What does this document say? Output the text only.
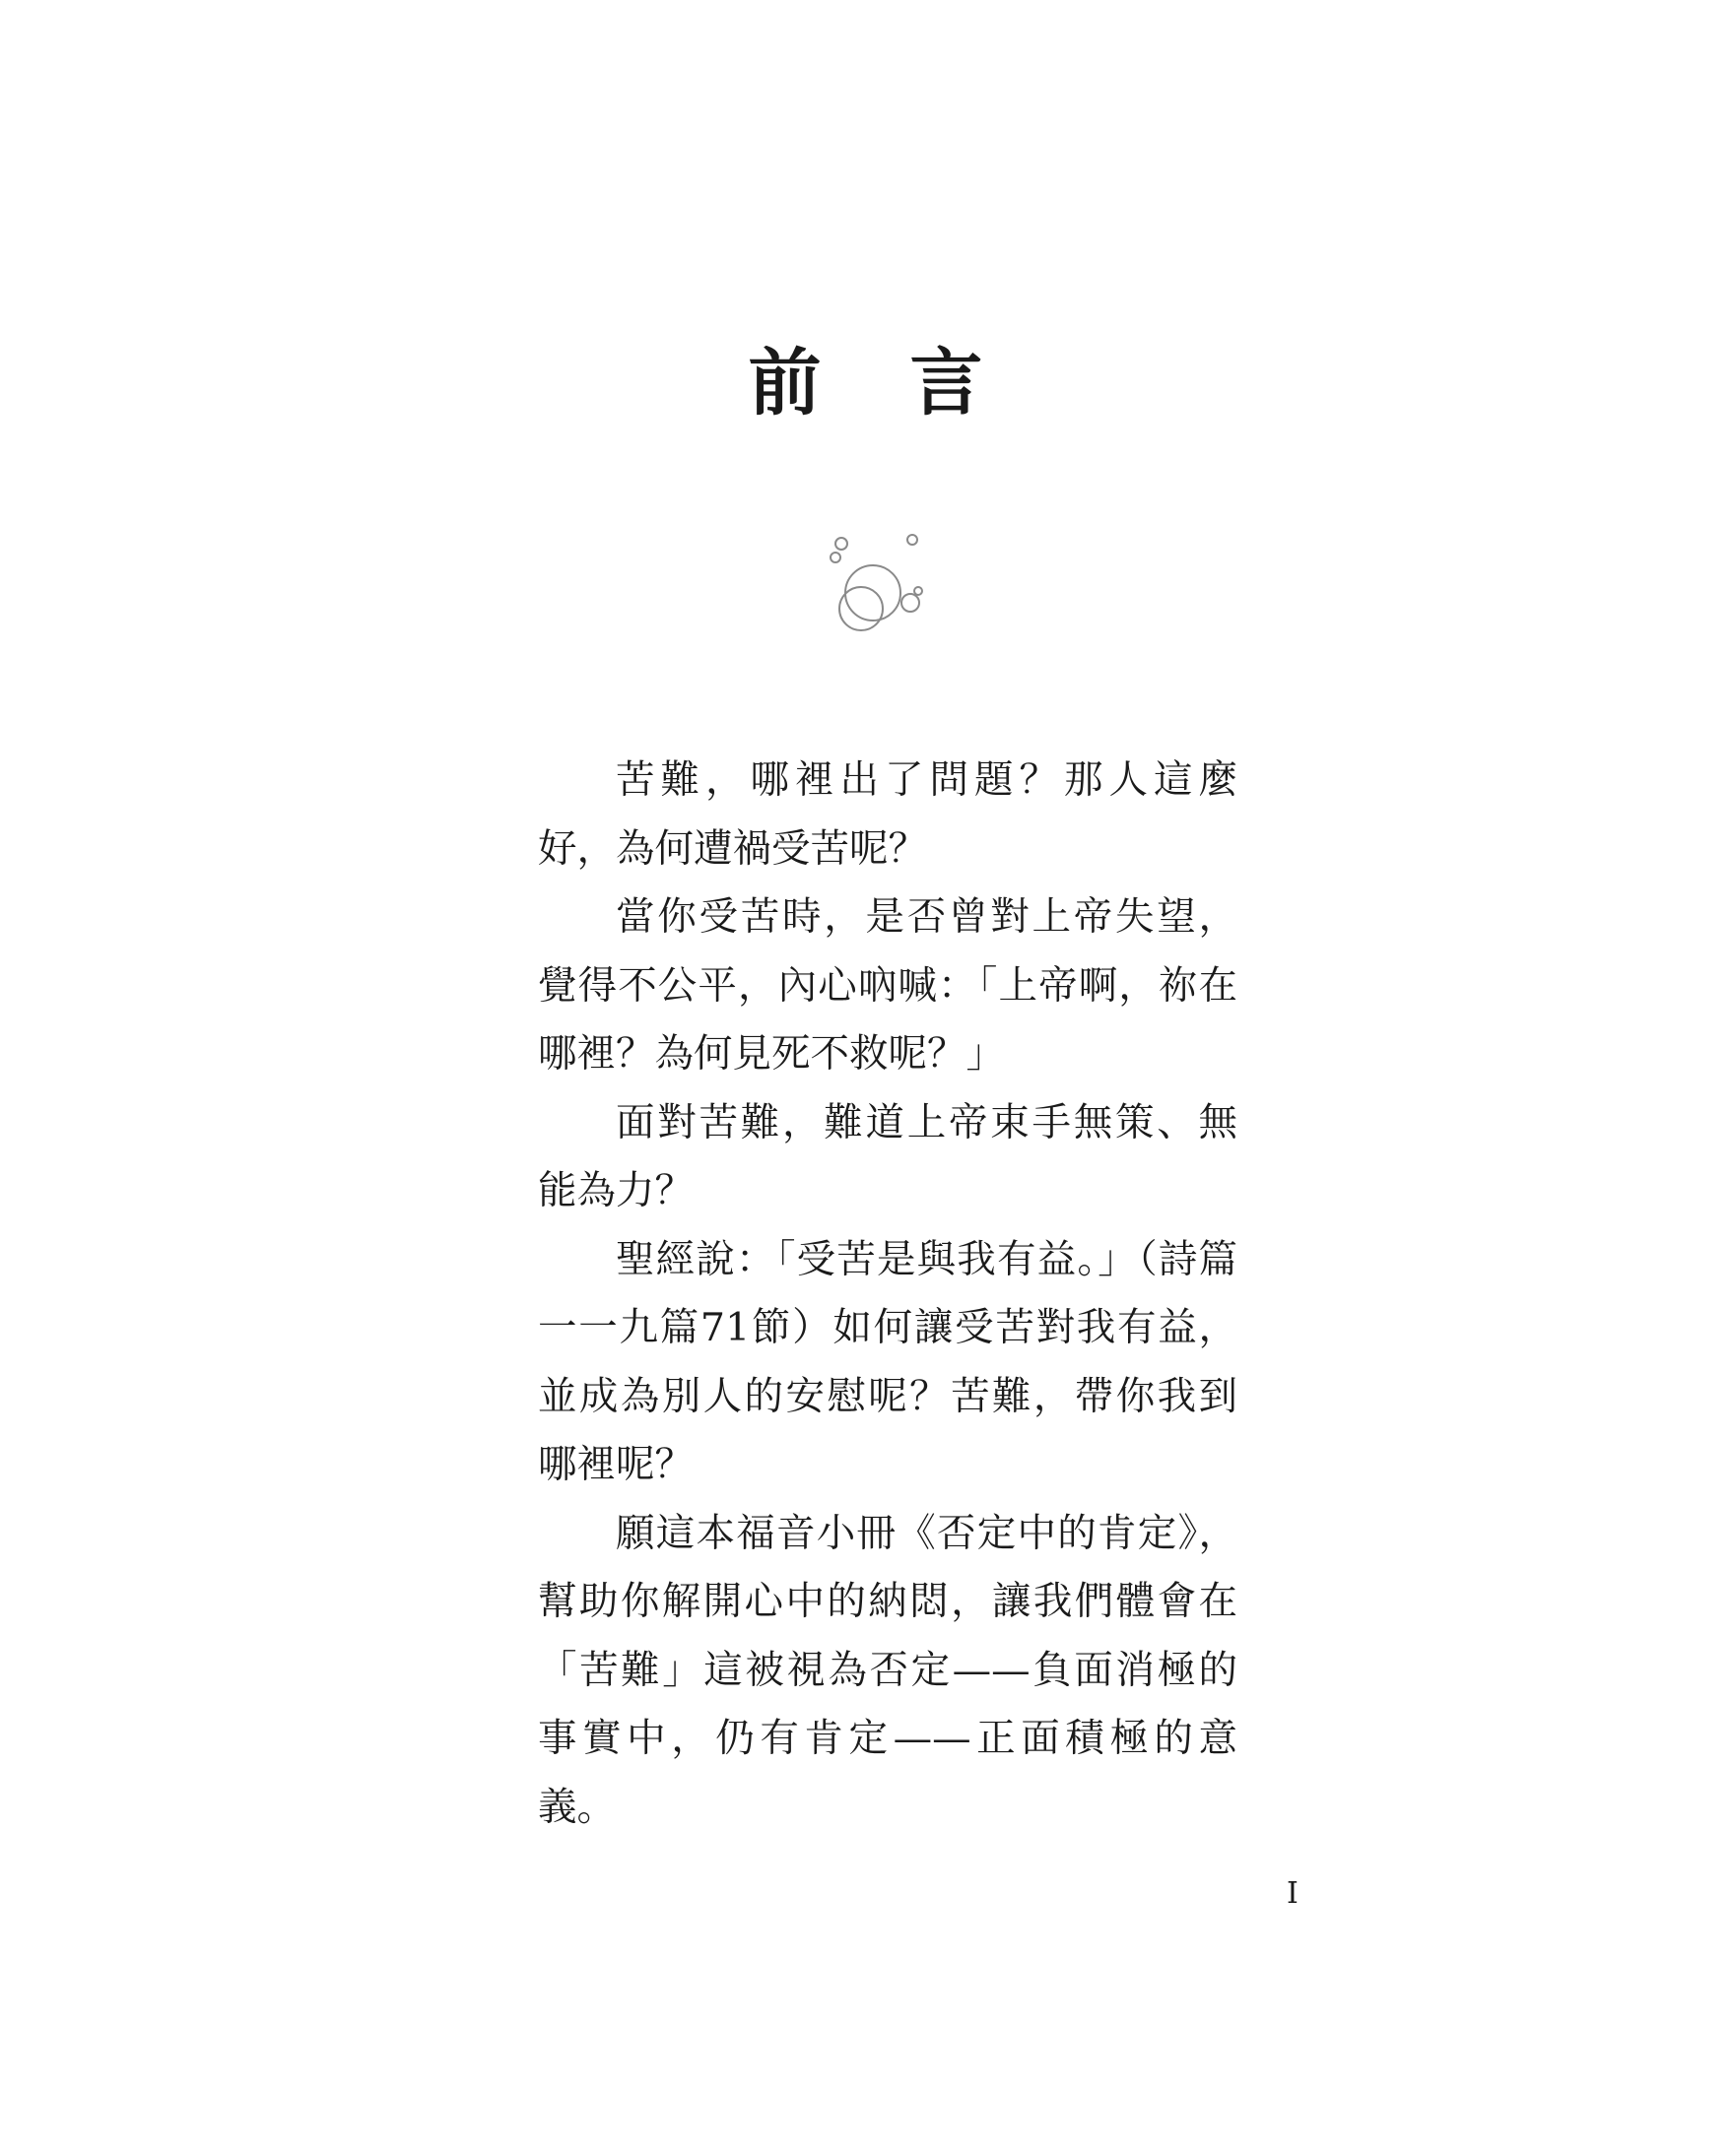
前言

苦難，哪裡出了問題？那人這麼好，為何遭禍受苦呢？

當你受苦時，是否曾對上帝失望，覺得不公平，內心吶喊：「上帝啊，祢在哪裡？為何見死不救呢？」

面對苦難，難道上帝束手無策、無能為力？

聖經說：「受苦是與我有益。」（詩篇一一九篇71節）如何讓受苦對我有益，並成為別人的安慰呢？苦難，帶你我到哪裡呢？

願這本福音小冊《否定中的肯定》，幫助你解開心中的納悶，讓我們體會在「苦難」這被視為否定——負面消極的事實中，仍有肯定——正面積極的意義。

I
